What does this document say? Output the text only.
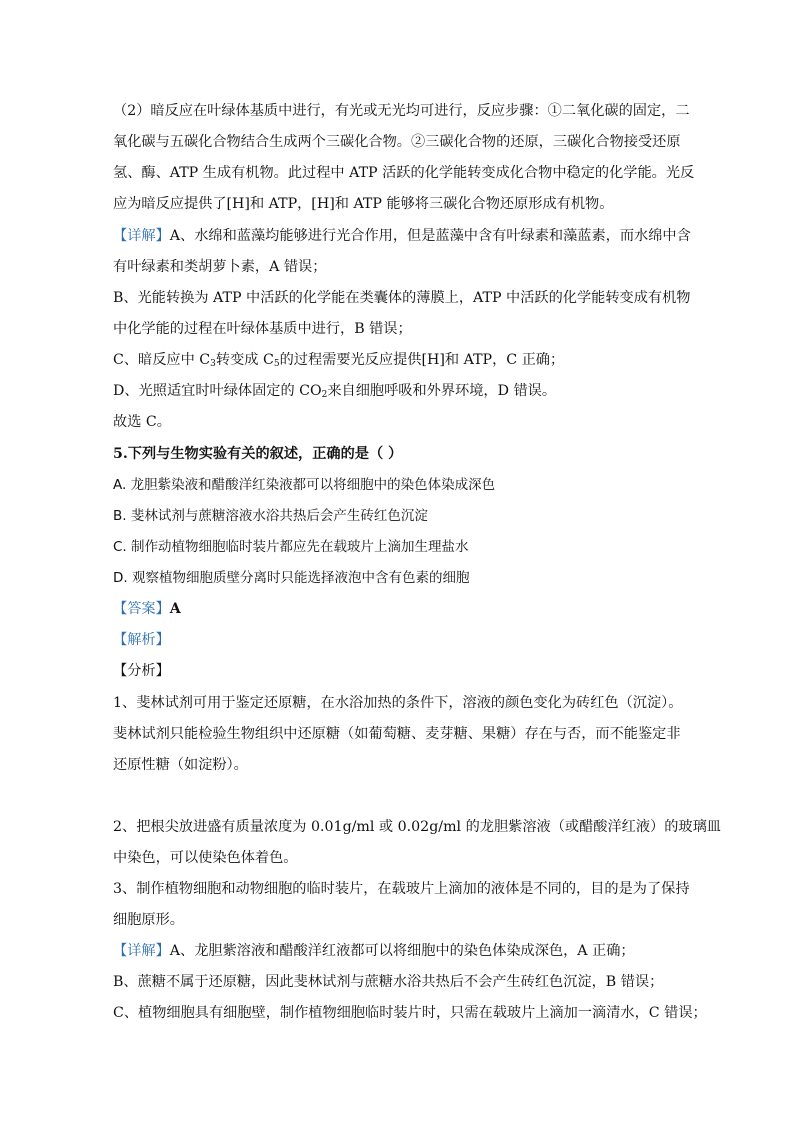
（2）暗反应在叶绿体基质中进行，有光或无光均可进行，反应步骤：①二氧化碳的固定，二
氧化碳与五碳化合物结合生成两个三碳化合物。②三碳化合物的还原，三碳化合物接受还原
氢、酶、ATP 生成有机物。此过程中 ATP 活跃的化学能转变成化合物中稳定的化学能。光反
应为暗反应提供了[H]和 ATP，[H]和 ATP 能够将三碳化合物还原形成有机物。
【详解】A、水绵和蓝藻均能够进行光合作用，但是蓝藻中含有叶绿素和藻蓝素，而水绵中含
有叶绿素和类胡萝卜素，A 错误；
B、光能转换为 ATP 中活跃的化学能在类囊体的薄膜上，ATP 中活跃的化学能转变成有机物
中化学能的过程在叶绿体基质中进行，B 错误；
C、暗反应中 C3转变成 C5的过程需要光反应提供[H]和 ATP，C 正确；
D、光照适宜时叶绿体固定的 CO2来自细胞呼吸和外界环境，D 错误。
故选 C。
5.下列与生物实验有关的叙述，正确的是（ ）
A. 龙胆紫染液和醋酸洋红染液都可以将细胞中的染色体染成深色
B. 斐林试剂与蔗糖溶液水浴共热后会产生砖红色沉淀
C. 制作动植物细胞临时装片都应先在载玻片上滴加生理盐水
D. 观察植物细胞质壁分离时只能选择液泡中含有色素的细胞
【答案】A
【解析】
【分析】
1、斐林试剂可用于鉴定还原糖，在水浴加热的条件下，溶液的颜色变化为砖红色（沉淀）。
斐林试剂只能检验生物组织中还原糖（如葡萄糖、麦芽糖、果糖）存在与否，而不能鉴定非
还原性糖（如淀粉）。
2、把根尖放进盛有质量浓度为 0.01g/ml 或 0.02g/ml 的龙胆紫溶液（或醋酸洋红液）的玻璃皿
中染色，可以使染色体着色。
3、制作植物细胞和动物细胞的临时装片，在载玻片上滴加的液体是不同的，目的是为了保持
细胞原形。
【详解】A、龙胆紫溶液和醋酸洋红液都可以将细胞中的染色体染成深色，A 正确；
B、蔗糖不属于还原糖，因此斐林试剂与蔗糖水浴共热后不会产生砖红色沉淀，B 错误；
C、植物细胞具有细胞壁，制作植物细胞临时装片时，只需在载玻片上滴加一滴清水，C 错误；
